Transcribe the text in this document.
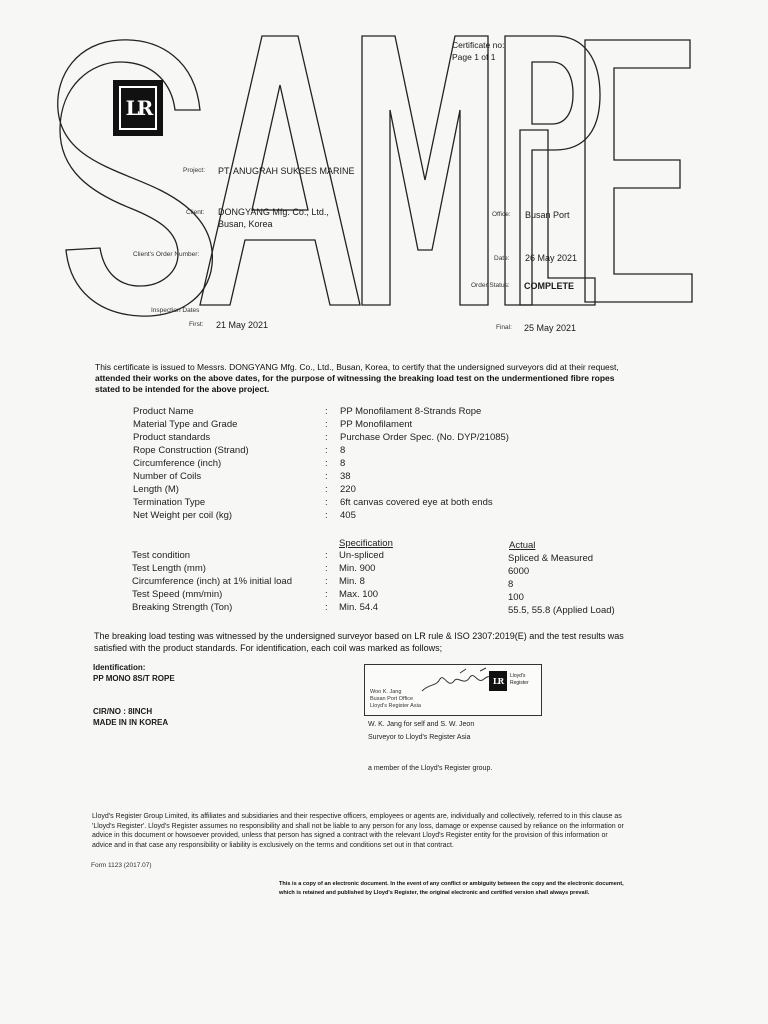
Certificate no:
Page 1 of 1
LR
Project: PT. ANUGRAH SUKSES MARINE
Client: DONGYANG Mfg. Co., Ltd.,
Busan, Korea
Office: Busan Port
Client's Order Number:
Date: 26 May 2021
Order Status: COMPLETE
Inspection Dates
First: 21 May 2021	Final: 25 May 2021
This certificate is issued to Messrs. DONGYANG Mfg. Co., Ltd., Busan, Korea, to certify that the undersigned surveyors did at their request,
attended their works on the above dates, for the purpose of witnessing the breaking load test on the undermentioned fibre ropes
stated to be intended for the above project.
Product Name	: PP Monofilament 8-Strands Rope
Material Type and Grade	: PP Monofilament
Product standards	: Purchase Order Spec. (No. DYP/21085)
Rope Construction (Strand)	: 8
Circumference (inch)	: 8
Number of Coils	: 38
Length (M)	: 220
Termination Type	: 6ft canvas covered eye at both ends
Net Weight per coil (kg)	: 405
Specification	Actual
Test condition	: Un-spliced	Spliced & Measured
Test Length (mm)	: Min. 900	6000
Circumference (inch) at 1% initial load	: Min. 8	8
Test Speed (mm/min)	: Max. 100	100
Breaking Strength (Ton)	: Min. 54.4	55.5, 55.8 (Applied Load)
The breaking load testing was witnessed by the undersigned surveyor based on LR rule & ISO 2307:2019(E) and the test results was
satisfied with the product standards. For identification, each coil was marked as follows;
Identification:
PP MONO 8S/T ROPE
CIR/NO : 8INCH
MADE IN IN KOREA
Woo K. Jang
Busan Port Office
Lloyd's Register Asia
LR Lloyd's
Register
W. K. Jang for self and S. W. Jeon
Surveyor to Lloyd's Register Asia
a member of the Lloyd's Register group.
Lloyd's Register Group Limited, its affiliates and subsidiaries and their respective officers, employees or agents are, individually and collectively, referred to in this clause as
'Lloyd's Register'. Lloyd's Register assumes no responsibility and shall not be liable to any person for any loss, damage or expense caused by reliance on the information or
advice in this document or howsoever provided, unless that person has signed a contract with the relevant Lloyd's Register entity for the provision of this information or
advice and in that case any responsibility or liability is exclusively on the terms and conditions set out in that contract.
Form 1123 (2017.07)
This is a copy of an electronic document. In the event of any conflict or ambiguity between the copy and the electronic document,
which is retained and published by Lloyd's Register, the original electronic and certified version shall always prevail.
